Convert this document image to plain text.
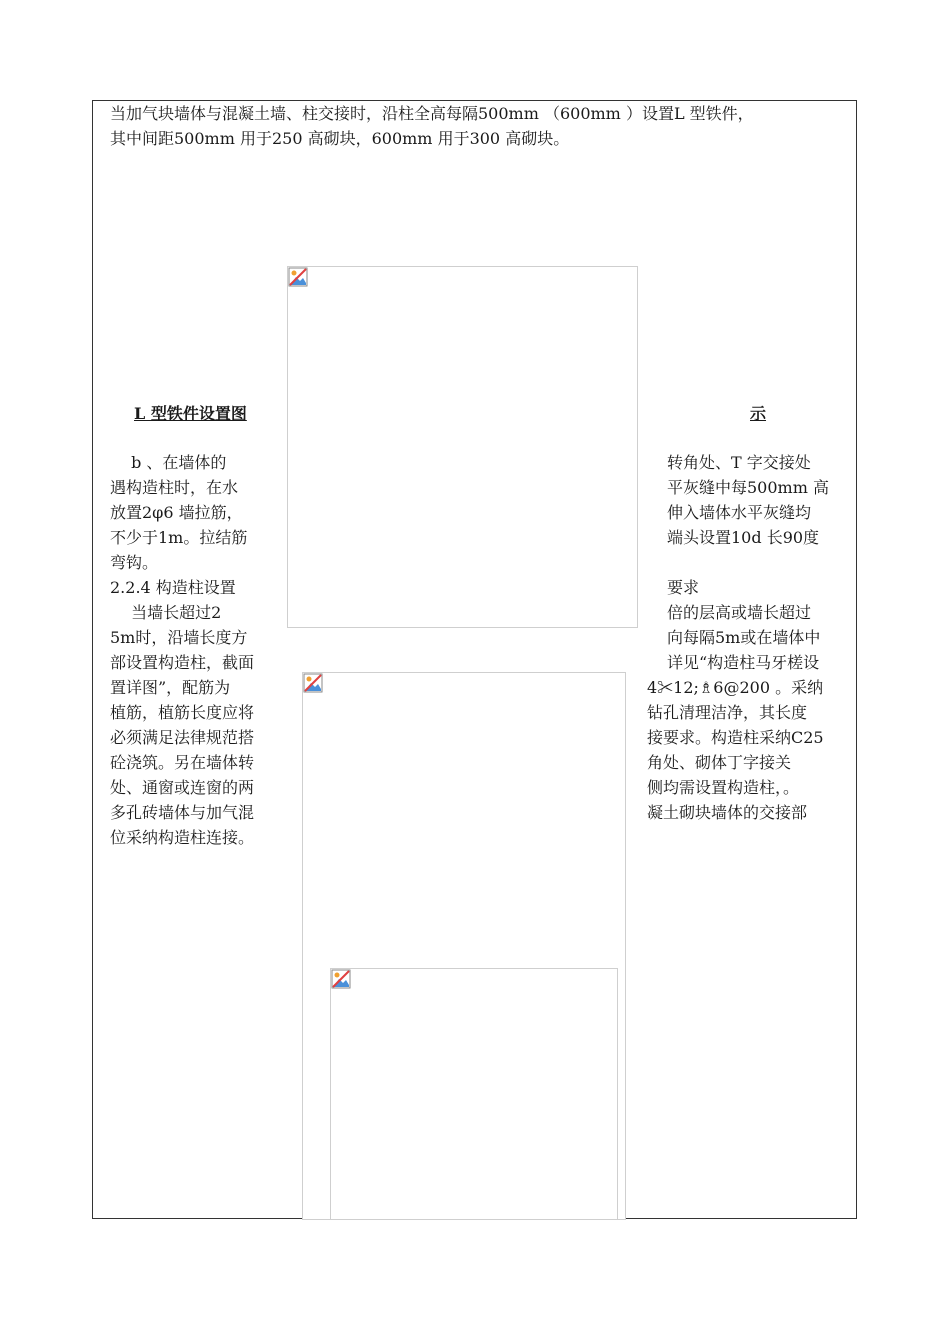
当加气块墙体与混凝土墙、柱交接时，沿柱全高每隔500mm （600mm ）设置L 型铁件，
其中间距500mm 用于250 高砌块，600mm 用于300 高砌块。
L 型铁件设置图	示
　 b 、在墙体的
遇构造柱时，在水
放置2φ6 墙拉筋，
不少于1m。拉结筋
弯钩。
2.2.4 构造柱设置
　 当墙长超过2
5m时，沿墙长度方
部设置构造柱，截面
置详图”，配筋为
植筋，植筋长度应将
必须满足法律规范搭
砼浇筑。另在墙体转
处、通窗或连窗的两
多孔砖墙体与加气混
位采纳构造柱连接。
转角处、T 字交接处
平灰缝中每500mm 高
伸入墙体水平灰缝均
端头设置10d 长90度
要求
倍的层高或墙长超过
向每隔5m或在墙体中
详见“构造柱马牙槎设
4✂12;♗6@200 。采纳
钻孔清理洁净，其长度
接要求。构造柱采纳C25
角处、砌体丁字接关
侧均需设置构造柱，。
凝土砌块墙体的交接部
